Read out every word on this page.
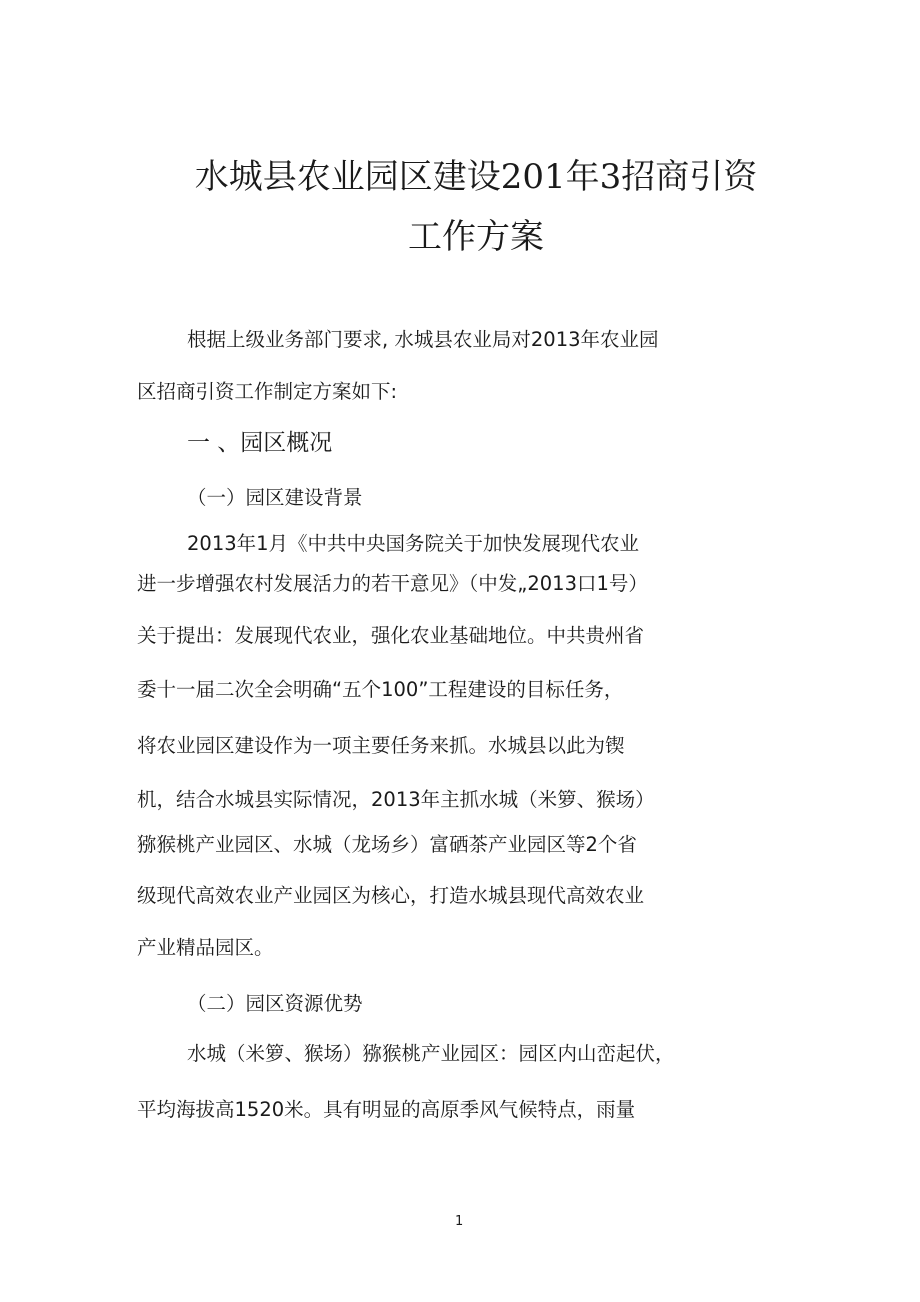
水城县农业园区建设201年3招商引资
工作方案
根据上级业务部门要求, 水城县农业局对2013年农业园
区招商引资工作制定方案如下:
一 、园区概况
（一）园区建设背景
2013年1月《中共中央国务院关于加快发展现代农业
进一步增强农村发展活力的若干意见》（中发„2013口1号）
关于提出：发展现代农业，强化农业基础地位。中共贵州省
委十一届二次全会明确“五个100”工程建设的目标任务，
将农业园区建设作为一项主要任务来抓。水城县以此为锲
机，结合水城县实际情况，2013年主抓水城（米箩、猴场）
猕猴桃产业园区、水城（龙场乡）富硒茶产业园区等2个省
级现代高效农业产业园区为核心，打造水城县现代高效农业
产业精品园区。
（二）园区资源优势
水城（米箩、猴场）猕猴桃产业园区：园区内山峦起伏，
平均海拔高1520米。具有明显的高原季风气候特点，雨量
1
